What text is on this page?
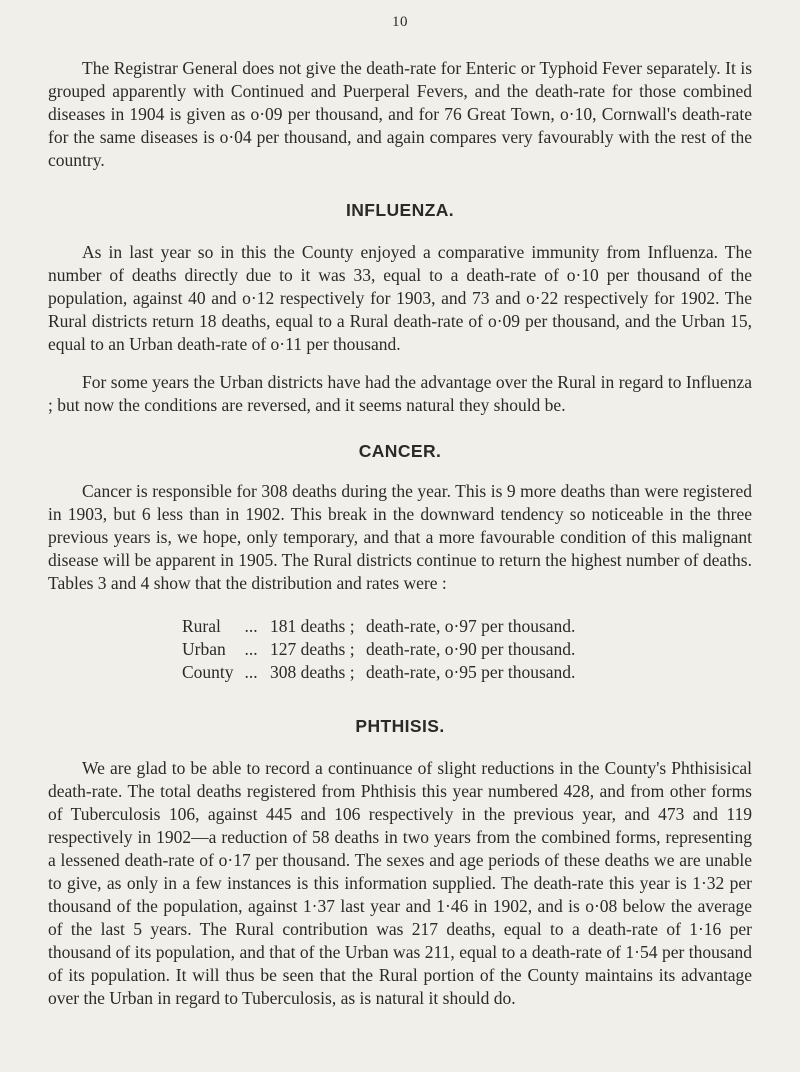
10

The Registrar General does not give the death-rate for Enteric or Typhoid Fever separately. It is grouped apparently with Continued and Puerperal Fevers, and the death-rate for those combined diseases in 1904 is given as o·09 per thousand, and for 76 Great Town, o·10, Cornwall's death-rate for the same diseases is o·04 per thousand, and again compares very favourably with the rest of the country.

INFLUENZA.

As in last year so in this the County enjoyed a comparative immunity from Influenza. The number of deaths directly due to it was 33, equal to a death-rate of o·10 per thousand of the population, against 40 and o·12 respectively for 1903, and 73 and o·22 respectively for 1902. The Rural districts return 18 deaths, equal to a Rural death-rate of o·09 per thousand, and the Urban 15, equal to an Urban death-rate of o·11 per thousand.

For some years the Urban districts have had the advantage over the Rural in regard to Influenza ; but now the conditions are reversed, and it seems natural they should be.

CANCER.

Cancer is responsible for 308 deaths during the year. This is 9 more deaths than were registered in 1903, but 6 less than in 1902. This break in the downward tendency so noticeable in the three previous years is, we hope, only temporary, and that a more favourable condition of this malignant disease will be apparent in 1905. The Rural districts continue to return the highest number of deaths. Tables 3 and 4 show that the distribution and rates were :

Rural	... 181 deaths ; death-rate, o·97 per thousand.
Urban	... 127 deaths ; death-rate, o·90 per thousand.
County ... 308 deaths ; death-rate, o·95 per thousand.
PHTHISIS.

We are glad to be able to record a continuance of slight reductions in the County's Phthisisical death-rate. The total deaths registered from Phthisis this year numbered 428, and from other forms of Tuberculosis 106, against 445 and 106 respectively in the previous year, and 473 and 119 respectively in 1902—a reduction of 58 deaths in two years from the combined forms, representing a lessened death-rate of o·17 per thousand. The sexes and age periods of these deaths we are unable to give, as only in a few instances is this information supplied. The death-rate this year is 1·32 per thousand of the population, against 1·37 last year and 1·46 in 1902, and is o·08 below the average of the last 5 years. The Rural contribution was 217 deaths, equal to a death-rate of 1·16 per thousand of its population, and that of the Urban was 211, equal to a death-rate of 1·54 per thousand of its population. It will thus be seen that the Rural portion of the County maintains its advantage over the Urban in regard to Tuberculosis, as is natural it should do.
